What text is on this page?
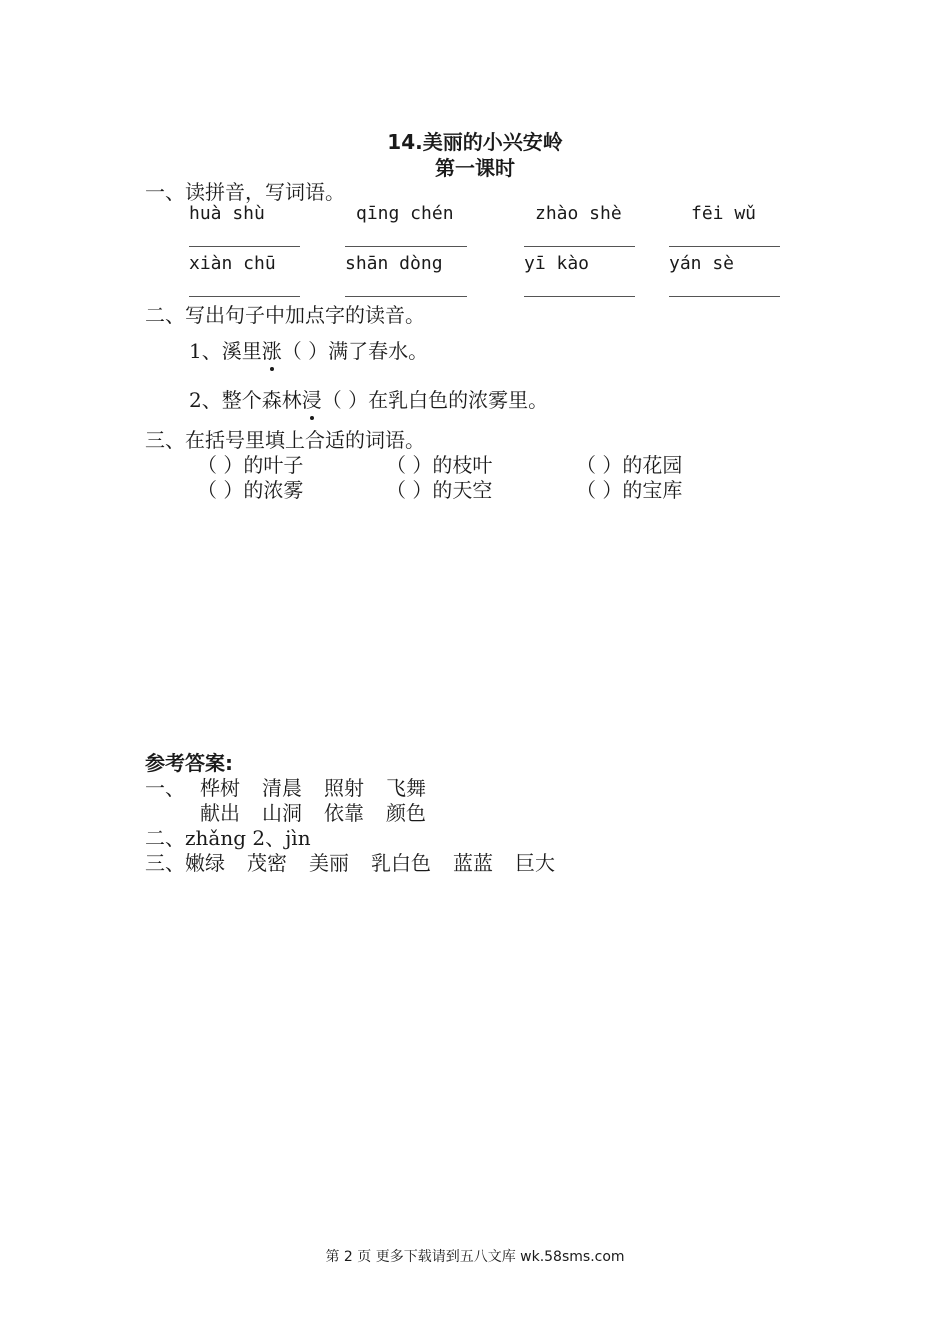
14.美丽的小兴安岭
第一课时
一、读拼音，写词语。
huà shù	qīng chén	zhào shè	fēi wǔ
xiàn chū	shān dòng	yī kào	yán sè
二、写出句子中加点字的读音。
1、溪里涨（ ）满了春水。
2、整个森林浸（ ）在乳白色的浓雾里。
三、在括号里填上合适的词语。
（ ）的叶子	（ ）的枝叶	（ ）的花园
（ ）的浓雾	（ ）的天空	（ ）的宝库
参考答案:
一、 桦树 清晨 照射 飞舞
献出 山洞 依靠 颜色
二、zhǎng 2、jìn
三、嫩绿 茂密 美丽 乳白色 蓝蓝 巨大
第 2 页 更多下载请到五八文库 wk.58sms.com
